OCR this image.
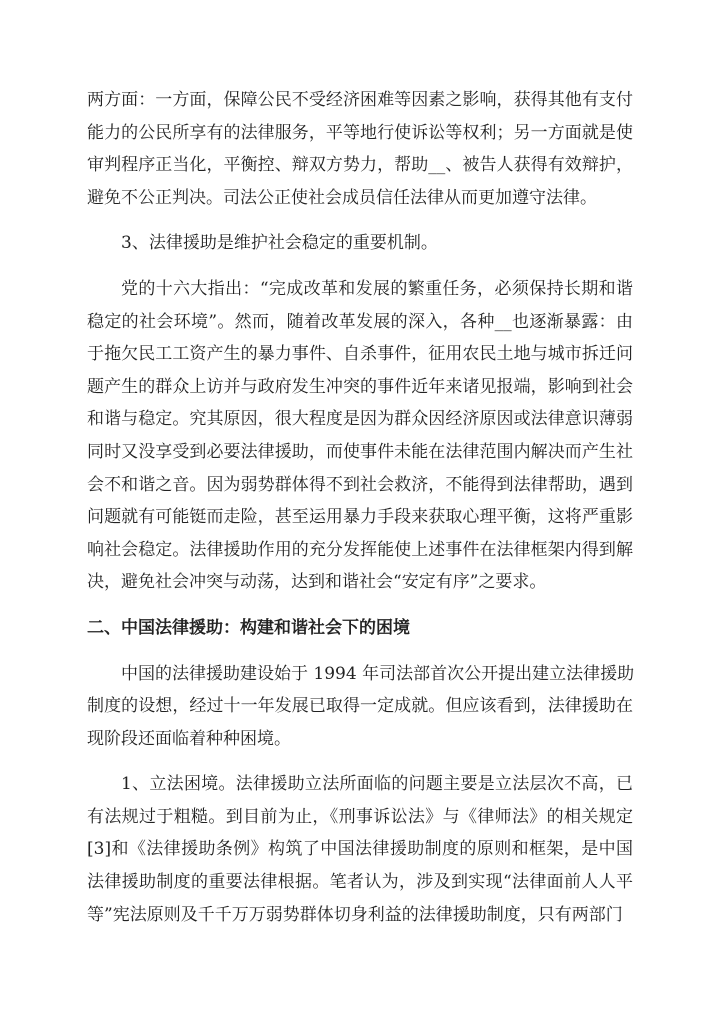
两方面：一方面，保障公民不受经济困难等因素之影响，获得其他有支付
能力的公民所享有的法律服务，平等地行使诉讼等权利；另一方面就是使
审判程序正当化，平衡控、辩双方势力，帮助__、被告人获得有效辩护，
避免不公正判决。司法公正使社会成员信任法律从而更加遵守法律。
3、法律援助是维护社会稳定的重要机制。
党的十六大指出：“完成改革和发展的繁重任务，必须保持长期和谐
稳定的社会环境”。然而，随着改革发展的深入，各种__也逐渐暴露：由
于拖欠民工工资产生的暴力事件、自杀事件，征用农民土地与城市拆迁问
题产生的群众上访并与政府发生冲突的事件近年来诸见报端，影响到社会
和谐与稳定。究其原因，很大程度是因为群众因经济原因或法律意识薄弱
同时又没享受到必要法律援助，而使事件未能在法律范围内解决而产生社
会不和谐之音。因为弱势群体得不到社会救济，不能得到法律帮助，遇到
问题就有可能铤而走险，甚至运用暴力手段来获取心理平衡，这将严重影
响社会稳定。法律援助作用的充分发挥能使上述事件在法律框架内得到解
决，避免社会冲突与动荡，达到和谐社会“安定有序”之要求。
二、中国法律援助：构建和谐社会下的困境
中国的法律援助建设始于 1994 年司法部首次公开提出建立法律援助
制度的设想，经过十一年发展已取得一定成就。但应该看到，法律援助在
现阶段还面临着种种困境。
1、立法困境。法律援助立法所面临的问题主要是立法层次不高，已
有法规过于粗糙。到目前为止，《刑事诉讼法》与《律师法》的相关规定
[3]和《法律援助条例》构筑了中国法律援助制度的原则和框架，是中国
法律援助制度的重要法律根据。笔者认为，涉及到实现“法律面前人人平
等”宪法原则及千千万万弱势群体切身利益的法律援助制度，只有两部门
